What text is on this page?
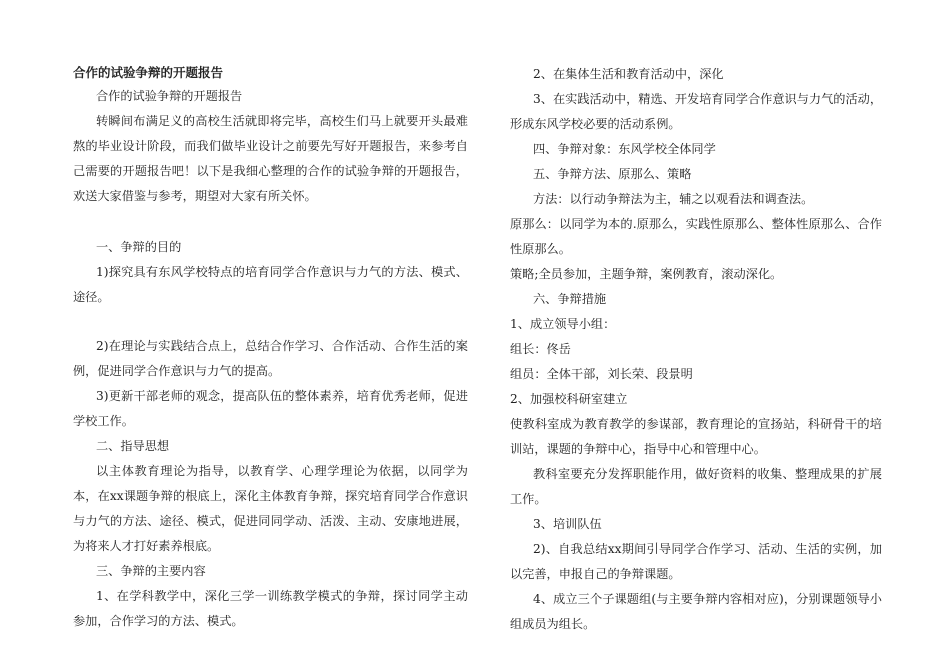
合作的试验争辩的开题报告

合作的试验争辩的开题报告

转瞬间布满足义的高校生活就即将完毕，高校生们马上就要开头最难熬的毕业设计阶段，而我们做毕业设计之前要先写好开题报告，来参考自己需要的开题报告吧！以下是我细心整理的合作的试验争辩的开题报告，欢送大家借鉴与参考，期望对大家有所关怀。

一、争辩的目的

1)探究具有东风学校特点的培育同学合作意识与力气的方法、模式、途径。

2)在理论与实践结合点上，总结合作学习、合作活动、合作生活的案例，促进同学合作意识与力气的提高。

3)更新干部老师的观念，提高队伍的整体素养，培育优秀老师，促进学校工作。

二、指导思想

以主体教育理论为指导，以教育学、心理学理论为依据，以同学为本，在xx课题争辩的根底上，深化主体教育争辩，探究培育同学合作意识与力气的方法、途径、模式，促进同同学动、活泼、主动、安康地进展，为将来人才打好素养根底。

三、争辩的主要内容

1、在学科教学中，深化三学一训练教学模式的争辩，探讨同学主动参加，合作学习的方法、模式。

2、在集体生活和教育活动中，深化

3、在实践活动中，精选、开发培育同学合作意识与力气的活动，形成东风学校必要的活动系例。

四、争辩对象：东风学校全体同学

五、争辩方法、原那么、策略

方法：以行动争辩法为主，辅之以观看法和调查法。

原那么：以同学为本的.原那么，实践性原那么、整体性原那么、合作性原那么。

策略;全员参加，主题争辩，案例教育，滚动深化。

六、争辩措施

1、成立领导小组：

组长：佟岳

组员：全体干部，刘长荣、段景明

2、加强校科研室建立

使教科室成为教育教学的参谋部，教育理论的宣扬站，科研骨干的培训站，课题的争辩中心，指导中心和管理中心。

教科室要充分发挥职能作用，做好资料的收集、整理成果的扩展工作。

3、培训队伍

2)、自我总结xx期间引导同学合作学习、活动、生活的实例，加以完善，申报自己的争辩课题。

4、成立三个子课题组(与主要争辩内容相对应)，分别课题领导小组成员为组长。
